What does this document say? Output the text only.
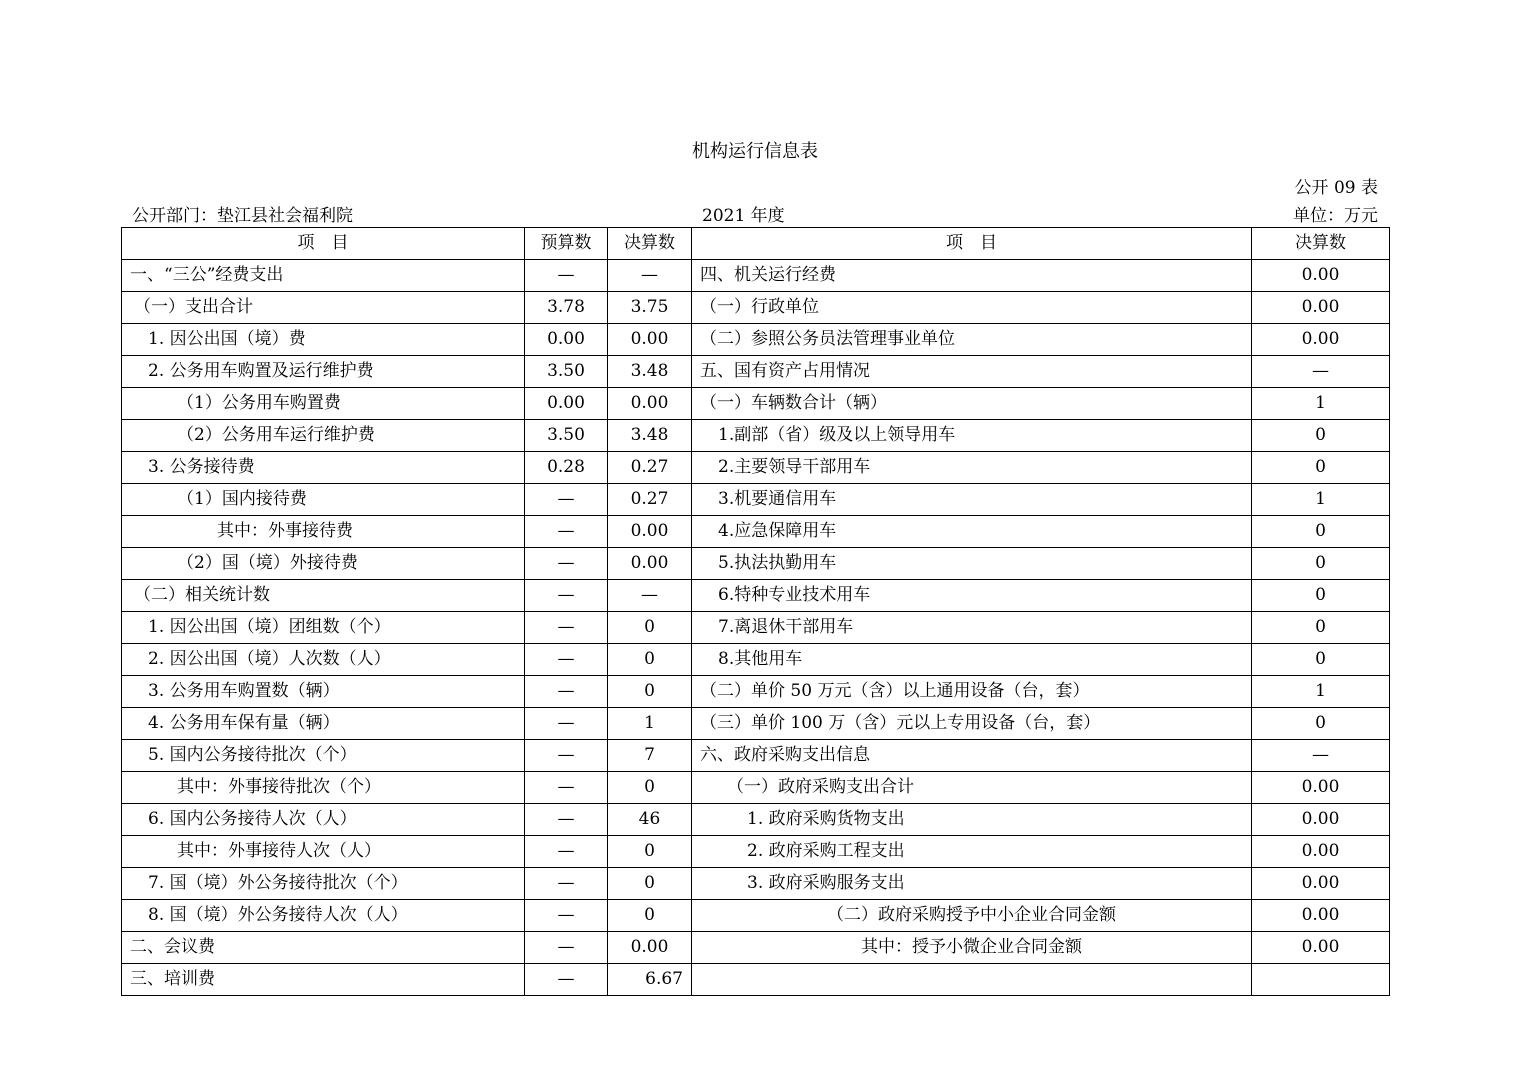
机构运行信息表
公开 09 表
公开部门：垫江县社会福利院	2021 年度	单位：万元
项　目	预算数	决算数	项　目	决算数
一、“三公”经费支出	—	—	四、机关运行经费	0.00
（一）支出合计	3.78	3.75	（一）行政单位	0.00
1. 因公出国（境）费	0.00	0.00	（二）参照公务员法管理事业单位	0.00
2. 公务用车购置及运行维护费	3.50	3.48	五、国有资产占用情况	—
（1）公务用车购置费	0.00	0.00	（一）车辆数合计（辆）	1
（2）公务用车运行维护费	3.50	3.48	1.副部（省）级及以上领导用车	0
3. 公务接待费	0.28	0.27	2.主要领导干部用车	0
（1）国内接待费	—	0.27	3.机要通信用车	1
其中：外事接待费	—	0.00	4.应急保障用车	0
（2）国（境）外接待费	—	0.00	5.执法执勤用车	0
（二）相关统计数	—	—	6.特种专业技术用车	0
1. 因公出国（境）团组数（个）	—	0	7.离退休干部用车	0
2. 因公出国（境）人次数（人）	—	0	8.其他用车	0
3. 公务用车购置数（辆）	—	0	（二）单价 50 万元（含）以上通用设备（台，套）	1
4. 公务用车保有量（辆）	—	1	（三）单价 100 万（含）元以上专用设备（台，套）	0
5. 国内公务接待批次（个）	—	7	六、政府采购支出信息	—
其中：外事接待批次（个）	—	0	（一）政府采购支出合计	0.00
6. 国内公务接待人次（人）	—	46	1. 政府采购货物支出	0.00
其中：外事接待人次（人）	—	0	2. 政府采购工程支出	0.00
7. 国（境）外公务接待批次（个）	—	0	3. 政府采购服务支出	0.00
8. 国（境）外公务接待人次（人）	—	0	（二）政府采购授予中小企业合同金额	0.00
二、会议费	—	0.00	其中：授予小微企业合同金额	0.00
三、培训费	—	6.67		
